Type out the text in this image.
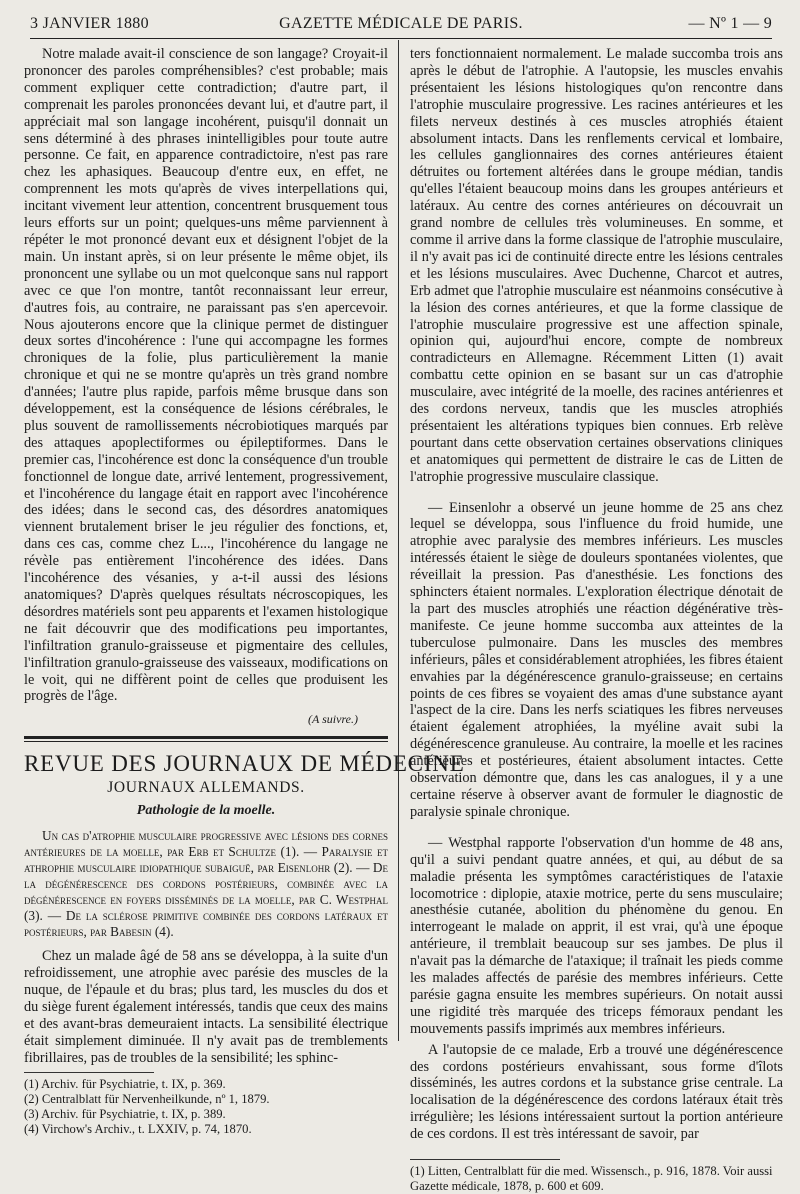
3 JANVIER 1880	GAZETTE MÉDICALE DE PARIS.	— Nº 1 — 9

Notre malade avait-il conscience de son langage? Croyait-il prononcer des paroles compréhensibles? c'est probable; mais comment expliquer cette contradiction; d'autre part, il comprenait les paroles prononcées devant lui, et d'autre part, il appréciait mal son langage incohérent, puisqu'il donnait un sens déterminé à des phrases inintelligibles pour toute autre personne. Ce fait, en apparence contradictoire, n'est pas rare chez les aphasiques. Beaucoup d'entre eux, en effet, ne comprennent les mots qu'après de vives interpellations qui, incitant vivement leur attention, concentrent brusquement tous leurs efforts sur un point; quelques-uns même parviennent à répéter le mot prononcé devant eux et désignent l'objet de la main. Un instant après, si on leur présente le même objet, ils prononcent une syllabe ou un mot quelconque sans nul rapport avec ce que l'on montre, tantôt reconnaissant leur erreur, d'autres fois, au contraire, ne paraissant pas s'en apercevoir. Nous ajouterons encore que la clinique permet de distinguer deux sortes d'incohérence : l'une qui accompagne les formes chroniques de la folie, plus particulièrement la manie chronique et qui ne se montre qu'après un très grand nombre d'années; l'autre plus rapide, parfois même brusque dans son développement, est la conséquence de lésions cérébrales, le plus souvent de ramollissements nécrobiotiques marqués par des attaques apoplectiformes ou épileptiformes. Dans le premier cas, l'incohérence est donc la conséquence d'un trouble fonctionnel de longue date, arrivé lentement, progressivement, et l'incohérence du langage était en rapport avec l'incohérence des idées; dans le second cas, des désordres anatomiques viennent brutalement briser le jeu régulier des fonctions, et, dans ces cas, comme chez L..., l'incohérence du langage ne révèle pas entièrement l'incohérence des idées. Dans l'incohérence des vésanies, y a-t-il aussi des lésions anatomiques? D'après quelques résultats nécroscopiques, les désordres matériels sont peu apparents et l'examen histologique ne fait découvrir que des modifications peu importantes, l'infiltration granulo-graisseuse et pigmentaire des cellules, l'infiltration granulo-graisseuse des vaisseaux, modifications on le voit, qui ne diffèrent point de celles que produisent les progrès de l'âge.

(A suivre.)

REVUE DES JOURNAUX DE MÉDECINE
JOURNAUX ALLEMANDS.
Pathologie de la moelle.

Un cas d'atrophie musculaire progressive avec lésions des cornes antérieures de la moelle, par Erb et Schultze (1). — Paralysie et athrophie musculaire idiopathique subaiguë, par Eisenlohr (2). — De la dégénérescence des cordons postérieurs, combinée avec la dégénérescence en foyers disséminés de la moelle, par C. Westphal (3). — De la sclérose primitive combinée des cordons latéraux et postérieurs, par Babesin (4).

Chez un malade âgé de 58 ans se développa, à la suite d'un refroidissement, une atrophie avec parésie des muscles de la nuque, de l'épaule et du bras; plus tard, les muscles du dos et du siège furent également intéressés, tandis que ceux des mains et des avant-bras demeuraient intacts. La sensibilité électrique était simplement diminuée. Il n'y avait pas de tremblements fibrillaires, pas de troubles de la sensibilité; les sphinc-

(1) Archiv. für Psychiatrie, t. IX, p. 369.

(2) Centralblatt für Nervenheilkunde, nº 1, 1879.

(3) Archiv. für Psychiatrie, t. IX, p. 389.

(4) Virchow's Archiv., t. LXXIV, p. 74, 1870.

ters fonctionnaient normalement. Le malade succomba trois ans après le début de l'atrophie. A l'autopsie, les muscles envahis présentaient les lésions histologiques qu'on rencontre dans l'atrophie musculaire progressive. Les racines antérieures et les filets nerveux destinés à ces muscles atrophiés étaient absolument intacts. Dans les renflements cervical et lombaire, les cellules ganglionnaires des cornes antérieures étaient détruites ou fortement altérées dans le groupe médian, tandis qu'elles l'étaient beaucoup moins dans les groupes antérieurs et latéraux. Au centre des cornes antérieures on découvrait un grand nombre de cellules très volumineuses. En somme, et comme il arrive dans la forme classique de l'atrophie musculaire, il n'y avait pas ici de continuité directe entre les lésions centrales et les lésions musculaires. Avec Duchenne, Charcot et autres, Erb admet que l'atrophie musculaire est néanmoins consécutive à la lésion des cornes antérieures, et que la forme classique de l'atrophie musculaire progressive est une affection spinale, opinion qui, aujourd'hui encore, compte de nombreux contradicteurs en Allemagne. Récemment Litten (1) avait combattu cette opinion en se basant sur un cas d'atrophie musculaire, avec intégrité de la moelle, des racines antérienres et des cordons nerveux, tandis que les muscles atrophiés présentaient les altérations typiques bien connues. Erb relève pourtant dans cette observation certaines observations cliniques et anatomiques qui permettent de distraire le cas de Litten de l'atrophie progressive musculaire classique.

— Einsenlohr a observé un jeune homme de 25 ans chez lequel se développa, sous l'influence du froid humide, une atrophie avec paralysie des membres inférieurs. Les muscles intéressés étaient le siège de douleurs spontanées violentes, que réveillait la pression. Pas d'anesthésie. Les fonctions des sphincters étaient normales. L'exploration électrique dénotait de la part des muscles atrophiés une réaction dégénérative très-manifeste. Ce jeune homme succomba aux atteintes de la tuberculose pulmonaire. Dans les muscles des membres inférieurs, pâles et considérablement atrophiées, les fibres étaient envahies par la dégénérescence granulo-graisseuse; en certains points de ces fibres se voyaient des amas d'une substance ayant l'aspect de la cire. Dans les nerfs sciatiques les fibres nerveuses étaient également atrophiées, la myéline avait subi la dégénérescence granuleuse. Au contraire, la moelle et les racines antérieures et postérieures, étaient absolument intactes. Cette observation démontre que, dans les cas analogues, il y a une certaine réserve à observer avant de formuler le diagnostic de paralysie spinale chronique.

— Westphal rapporte l'observation d'un homme de 48 ans, qu'il a suivi pendant quatre années, et qui, au début de sa maladie présenta les symptômes caractéristiques de l'ataxie locomotrice : diplopie, ataxie motrice, perte du sens musculaire; anesthésie cutanée, abolition du phénomène du genou. En interrogeant le malade on apprit, il est vrai, qu'à une époque antérieure, il tremblait beaucoup sur ses jambes. De plus il n'avait pas la démarche de l'ataxique; il traînait les pieds comme les malades affectés de parésie des membres inférieurs. Cette parésie gagna ensuite les membres supérieurs. On notait aussi une rigidité très marquée des triceps fémoraux pendant les mouvements passifs imprimés aux membres inférieurs.

A l'autopsie de ce malade, Erb a trouvé une dégénérescence des cordons postérieurs envahissant, sous forme d'îlots disséminés, les autres cordons et la substance grise centrale. La localisation de la dégénérescence des cordons latéraux était très irrégulière; les lésions intéressaient surtout la portion antérieure de ces cordons. Il est très intéressant de savoir, par

(1) Litten, Centralblatt für die med. Wissensch., p. 916, 1878. Voir aussi Gazette médicale, 1878, p. 600 et 609.
